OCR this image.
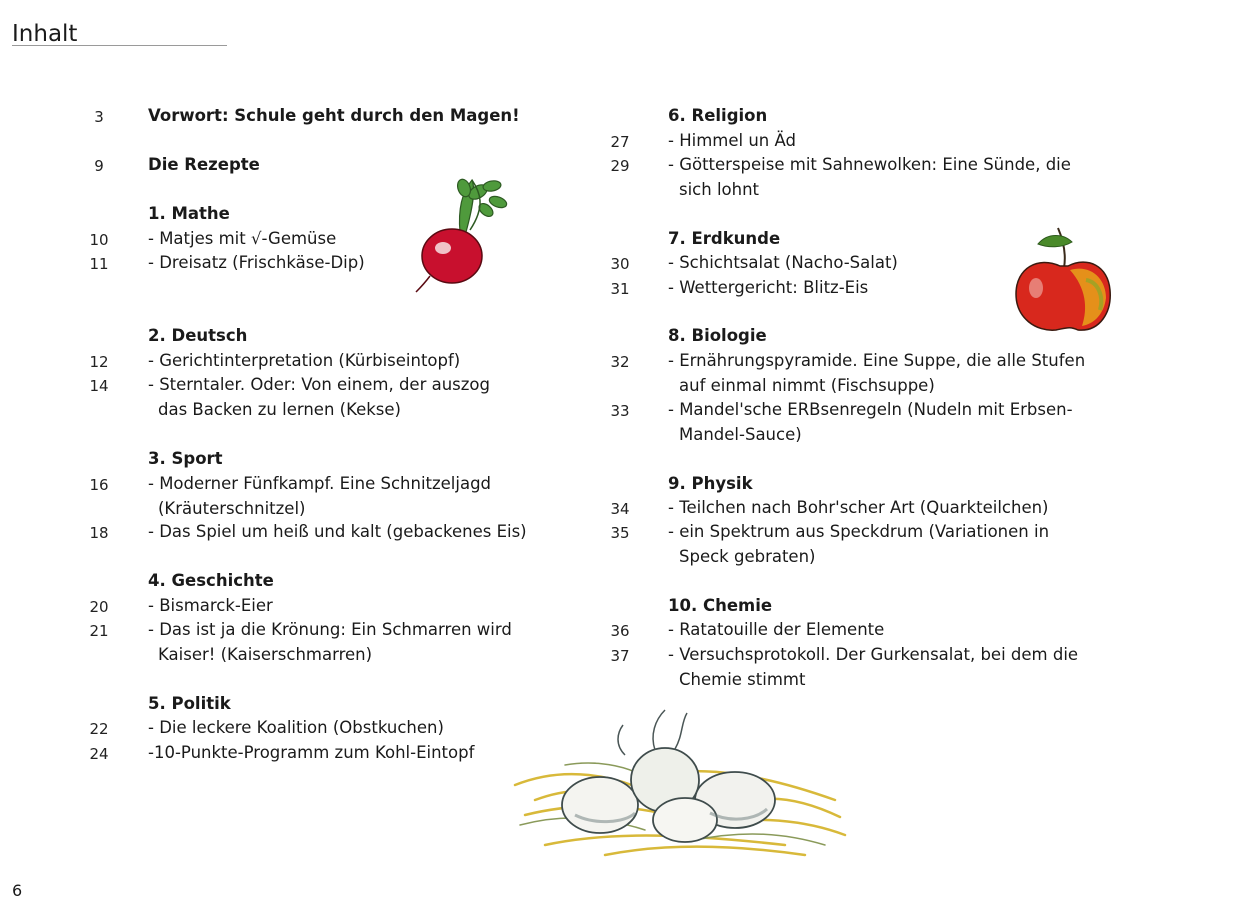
Inhalt
3	Vorwort: Schule geht durch den Magen!
9	Die Rezepte
1. Mathe
10	- Matjes mit √-Gemüse
11	- Dreisatz (Frischkäse-Dip)
2. Deutsch
12	- Gerichtinterpretation (Kürbiseintopf)
14	- Sterntaler. Oder: Von einem, der auszog
das Backen zu lernen (Kekse)
3. Sport
16	- Moderner Fünfkampf. Eine Schnitzeljagd
(Kräuterschnitzel)
18	- Das Spiel um heiß und kalt (gebackenes Eis)
4. Geschichte
20	- Bismarck-Eier
21	- Das ist ja die Krönung: Ein Schmarren wird
Kaiser! (Kaiserschmarren)
5. Politik
22	- Die leckere Koalition (Obstkuchen)
24	-10-Punkte-Programm zum Kohl-Eintopf
6. Religion
27	- Himmel un Äd
29	- Götterspeise mit Sahnewolken: Eine Sünde, die
sich lohnt
7. Erdkunde
30	- Schichtsalat (Nacho-Salat)
31	- Wettergericht: Blitz-Eis
8. Biologie
32	- Ernährungspyramide. Eine Suppe, die alle Stufen
auf einmal nimmt (Fischsuppe)
33	- Mandel'sche ERBsenregeln (Nudeln mit Erbsen-
Mandel-Sauce)
9. Physik
34	- Teilchen nach Bohr'scher Art (Quarkteilchen)
35	- ein Spektrum aus Speckdrum (Variationen in
Speck gebraten)
10. Chemie
36	- Ratatouille der Elemente
37	- Versuchsprotokoll. Der Gurkensalat, bei dem die
Chemie stimmt
6
